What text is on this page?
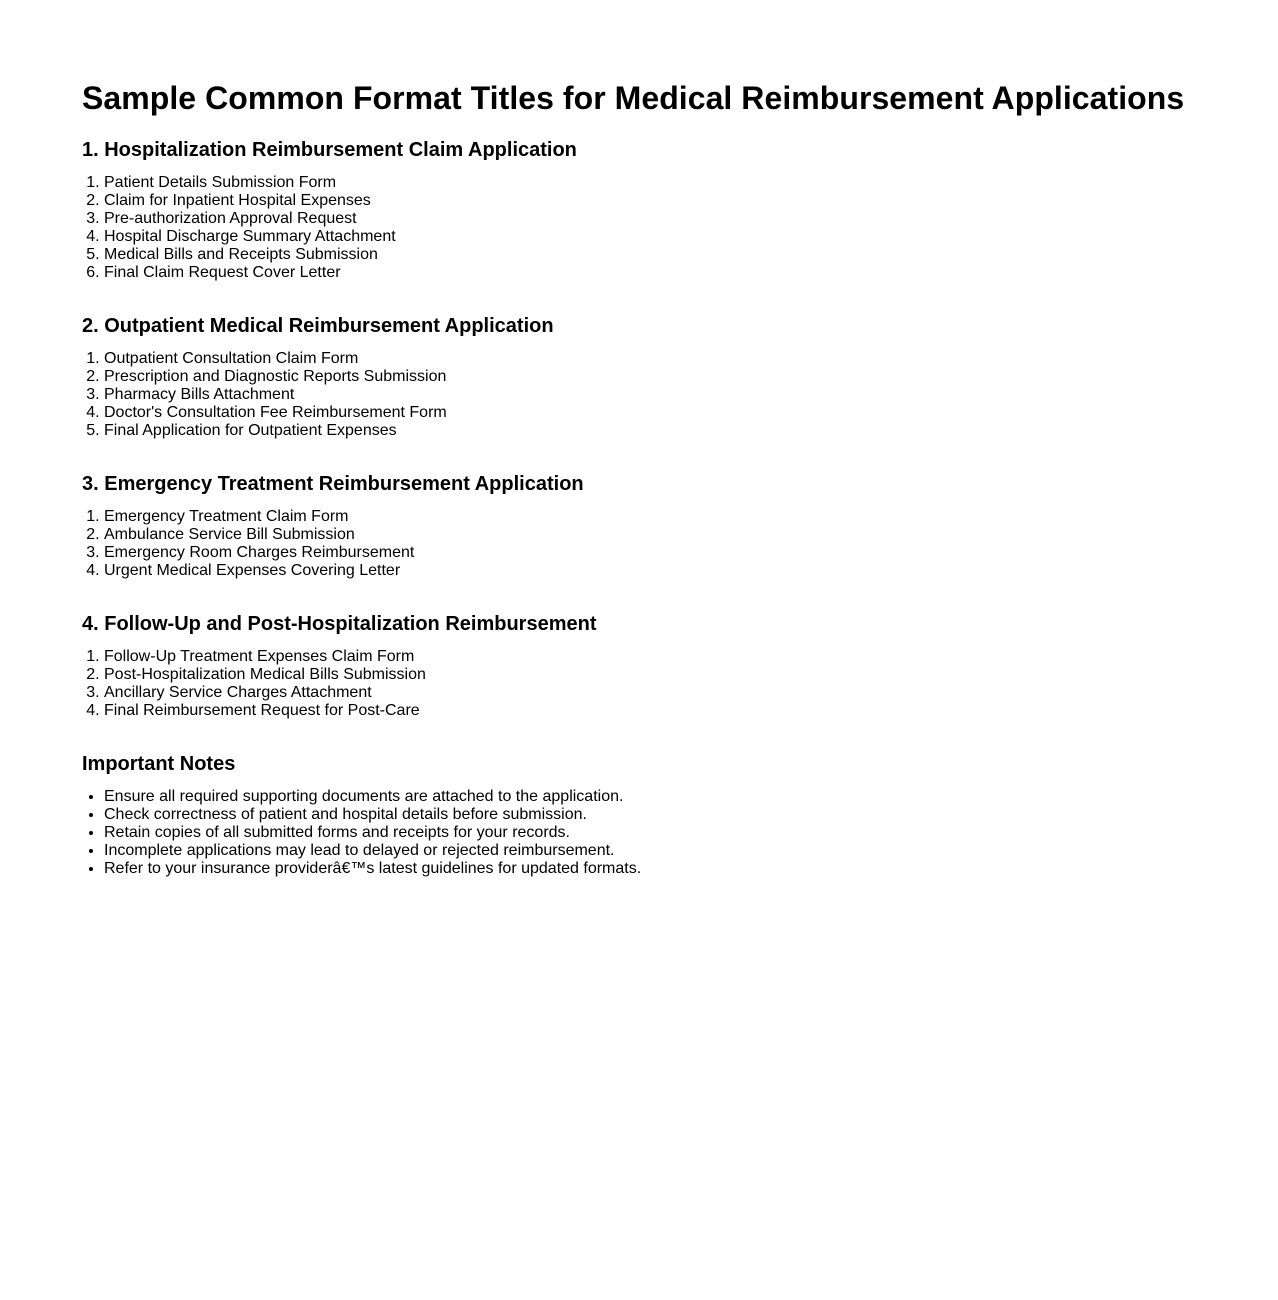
Sample Common Format Titles for Medical Reimbursement Applications
1. Hospitalization Reimbursement Claim Application
1. Patient Details Submission Form
2. Claim for Inpatient Hospital Expenses
3. Pre-authorization Approval Request
4. Hospital Discharge Summary Attachment
5. Medical Bills and Receipts Submission
6. Final Claim Request Cover Letter
2. Outpatient Medical Reimbursement Application
1. Outpatient Consultation Claim Form
2. Prescription and Diagnostic Reports Submission
3. Pharmacy Bills Attachment
4. Doctor's Consultation Fee Reimbursement Form
5. Final Application for Outpatient Expenses
3. Emergency Treatment Reimbursement Application
1. Emergency Treatment Claim Form
2. Ambulance Service Bill Submission
3. Emergency Room Charges Reimbursement
4. Urgent Medical Expenses Covering Letter
4. Follow-Up and Post-Hospitalization Reimbursement
1. Follow-Up Treatment Expenses Claim Form
2. Post-Hospitalization Medical Bills Submission
3. Ancillary Service Charges Attachment
4. Final Reimbursement Request for Post-Care
Important Notes
• Ensure all required supporting documents are attached to the application.
• Check correctness of patient and hospital details before submission.
• Retain copies of all submitted forms and receipts for your records.
• Incomplete applications may lead to delayed or rejected reimbursement.
• Refer to your insurance providerâ€™s latest guidelines for updated formats.
